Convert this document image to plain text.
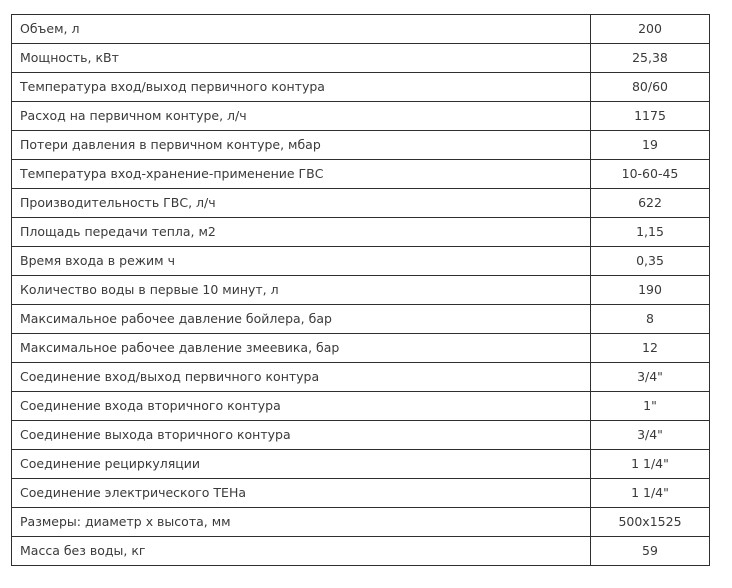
Объем, л	200
Мощность, кВт	25,38
Температура вход/выход первичного контура	80/60
Расход на первичном контуре, л/ч	1175
Потери давления в первичном контуре, мбар	19
Температура вход-хранение-применение ГВС	10-60-45
Производительность ГВС, л/ч	622
Площадь передачи тепла, м2	1,15
Время входа в режим ч	0,35
Количество воды в первые 10 минут, л	190
Максимальное рабочее давление бойлера, бар	8
Максимальное рабочее давление змеевика, бар	12
Соединение вход/выход первичного контура	3/4"
Соединение входа вторичного контура	1"
Соединение выхода вторичного контура	3/4"
Соединение рециркуляции	1 1/4"
Соединение электрического ТЕНа	1 1/4"
Размеры: диаметр х высота, мм	500х1525
Масса без воды, кг	59
